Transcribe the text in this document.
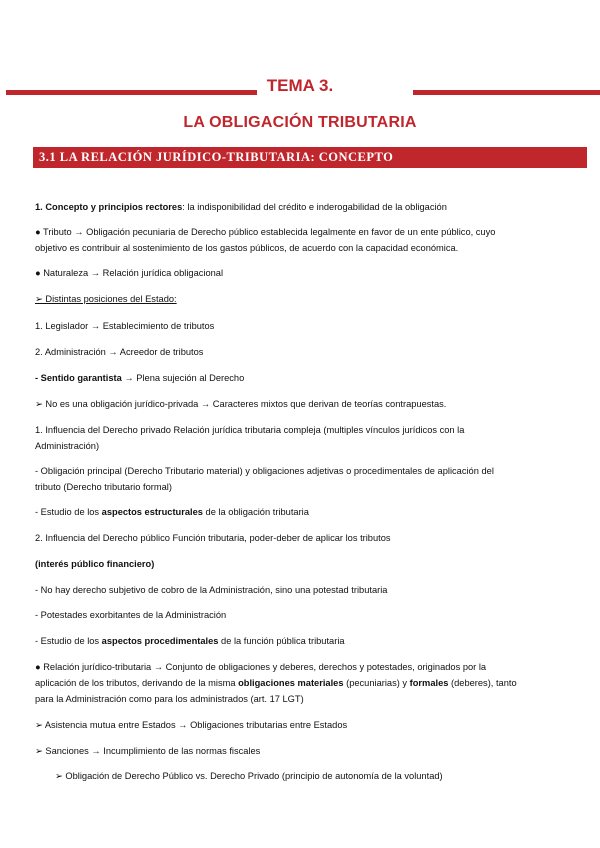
TEMA 3.
LA OBLIGACIÓN TRIBUTARIA
3.1 LA RELACIÓN JURÍDICO-TRIBUTARIA: CONCEPTO
1. Concepto y principios rectores: la indisponibilidad del crédito e inderogabilidad de la obligación
● Tributo → Obligación pecuniaria de Derecho público establecida legalmente en favor de un ente público, cuyo
objetivo es contribuir al sostenimiento de los gastos públicos, de acuerdo con la capacidad económica.
● Naturaleza → Relación jurídica obligacional
➢ Distintas posiciones del Estado:
1. Legislador → Establecimiento de tributos
2. Administración → Acreedor de tributos
- Sentido garantista → Plena sujeción al Derecho
➢ No es una obligación jurídico-privada → Caracteres mixtos que derivan de teorías contrapuestas.
1. Influencia del Derecho privado Relación jurídica tributaria compleja (multiples vínculos jurídicos con la
Administración)
- Obligación principal (Derecho Tributario material) y obligaciones adjetivas o procedimentales de aplicación del
tributo (Derecho tributario formal)
- Estudio de los aspectos estructurales de la obligación tributaria
2. Influencia del Derecho público Función tributaria, poder-deber de aplicar los tributos
(interés público financiero)
- No hay derecho subjetivo de cobro de la Administración, sino una potestad tributaria
- Potestades exorbitantes de la Administración
- Estudio de los aspectos procedimentales de la función pública tributaria
● Relación jurídico-tributaria → Conjunto de obligaciones y deberes, derechos y potestades, originados por la
aplicación de los tributos, derivando de la misma obligaciones materiales (pecuniarias) y formales (deberes), tanto
para la Administración como para los administrados (art. 17 LGT)
➢ Asistencia mutua entre Estados → Obligaciones tributarias entre Estados
➢ Sanciones → Incumplimiento de las normas fiscales
➢ Obligación de Derecho Público vs. Derecho Privado (principio de autonomía de la voluntad)
